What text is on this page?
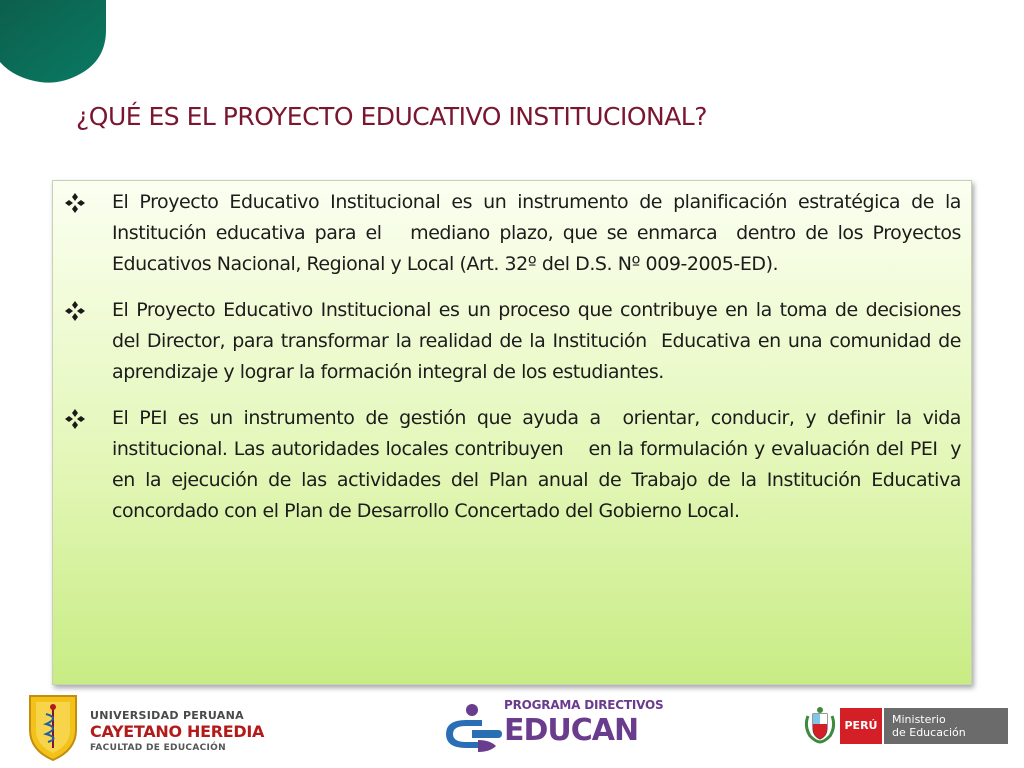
¿QUÉ ES EL PROYECTO EDUCATIVO INSTITUCIONAL?

El Proyecto Educativo Institucional es un instrumento de planificación estratégica de la Institución educativa para el   mediano plazo, que se enmarca  dentro de los Proyectos Educativos Nacional, Regional y Local (Art. 32º del D.S. Nº 009-2005-ED).

El Proyecto Educativo Institucional es un proceso que contribuye en la toma de decisiones del Director, para transformar la realidad de la Institución  Educativa en una comunidad de aprendizaje y lograr la formación integral de los estudiantes.

El PEI es un instrumento de gestión que ayuda a  orientar, conducir, y definir la vida institucional. Las autoridades locales contribuyen    en la formulación y evaluación del PEI  y en la ejecución de las actividades del Plan anual de Trabajo de la Institución Educativa concordado con el Plan de Desarrollo Concertado del Gobierno Local.

UNIVERSIDAD PERUANA
CAYETANO HEREDIA
FACULTAD DE EDUCACIÓN
PROGRAMA DIRECTIVOS
EDUCAN	PERÚ	Ministerio
de Educación
